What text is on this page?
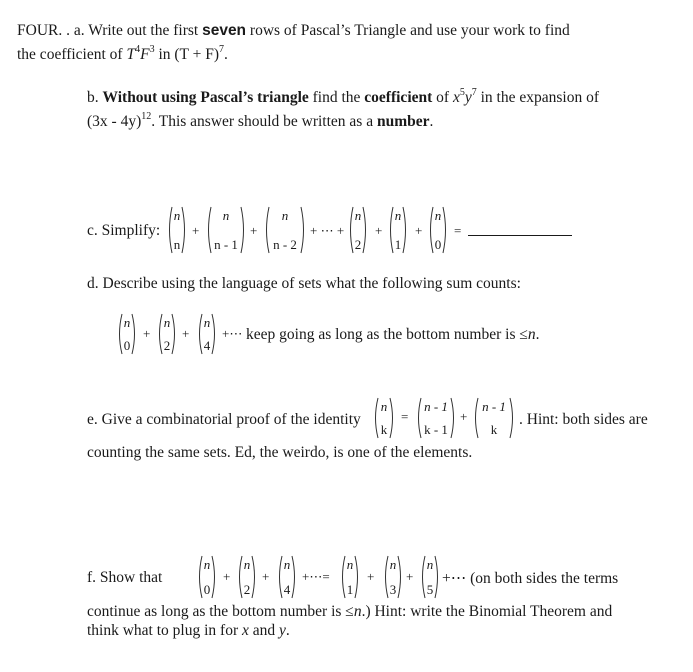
FOUR. . a. Write out the first seven rows of Pascal’s Triangle and use your work to find
the coefficient of $T^4F^3$ in $(T + F)^7$.
b. Without using Pascal’s triangle find the coefficient of $x^5y^7$ in the expansion of
(3x - 4y)$^{12}$. This answer should be written as a number.
c. Simplify:
n
n
n
n - 1
n
n - 2
n
2
n
1
n
0
+	+	+ ⋯ + +	+ =
d. Describe using the language of sets what the following sum counts:
n
0
n
2
n
4
+ +	+⋯ keep going as long as the bottom number is ≤n.
e. Give a combinatorial proof of the identity
n
k
=
n - 1
k - 1
+
n - 1
k
. Hint: both sides are
counting the same sets. Ed, the weirdo, is one of the elements.
f. Show that
n
0
n
2
n
4
n
1
n
3
n
5
+ +	+⋯=	+ + +⋯ (on both sides the terms
continue as long as the bottom number is ≤n.) Hint: write the Binomial Theorem and
think what to plug in for x and y.
